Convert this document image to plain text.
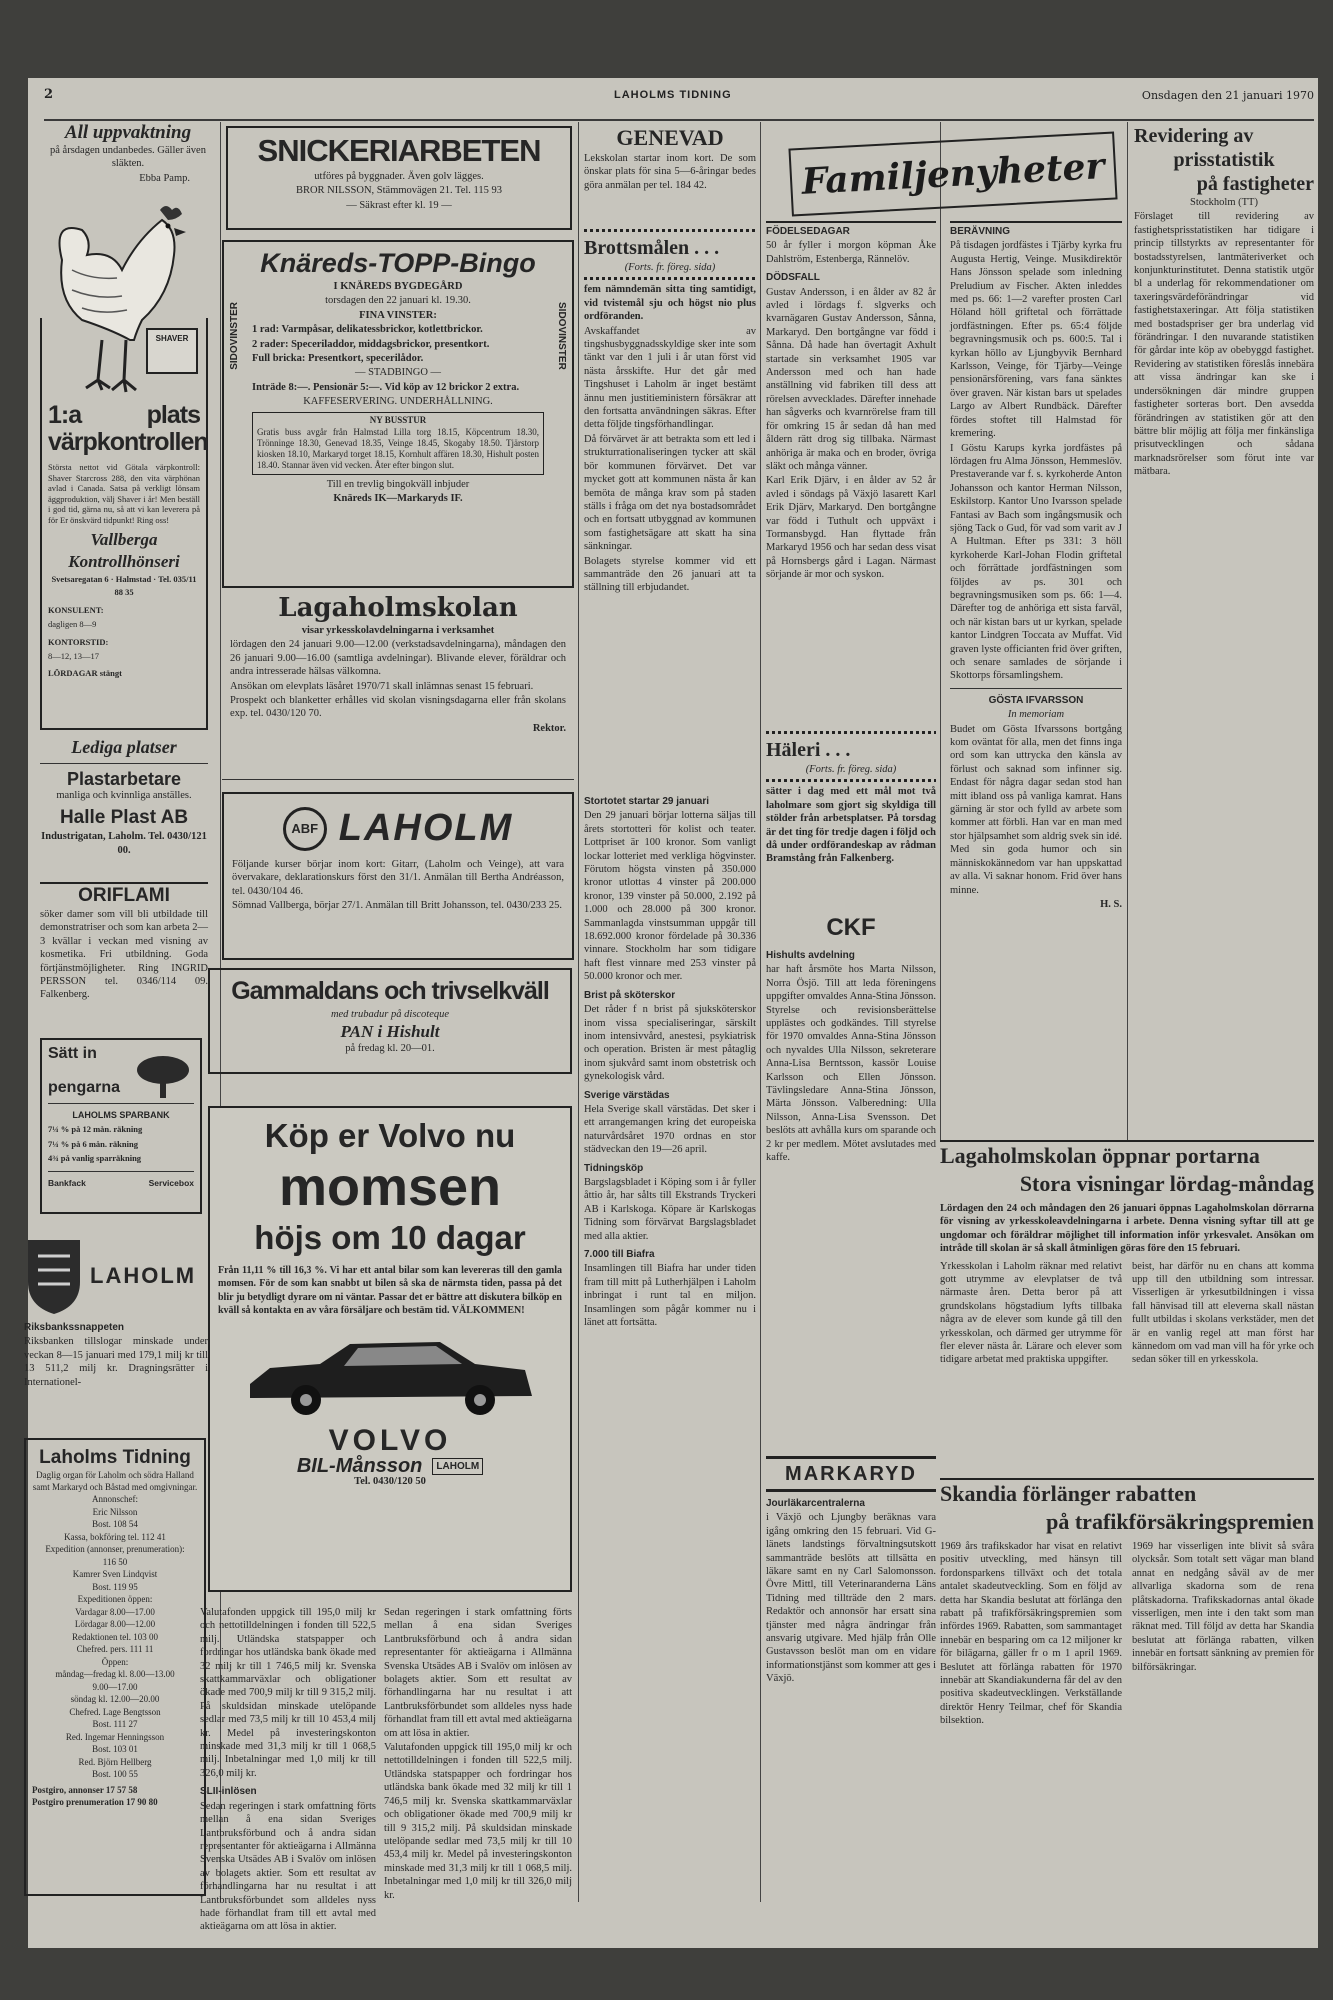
2	LAHOLMS TIDNING	Onsdagen den 21 januari 1970
All uppvaktning

på årsdagen undanbedes. Gäller även släkten.

Ebba Pamp.

SHAVER
1:a plats värpkontrollen

Största nettot vid Götala värpkontroll: Shaver Starcross 288, den vita värphönan avlad i Canada. Satsa på verkligt lönsam äggproduktion, välj Shaver i år! Men beställ i god tid, gärna nu, så att vi kan leverera på för Er önskvärd tidpunkt! Ring oss!

Vallberga Kontrollhönseri

Svetsaregatan 6 · Halmstad · Tel. 035/11 88 35

KONSULENT:

dagligen 8—9

KONTORSTID:

8—12, 13—17

LÖRDAGAR stängt

Lediga platser
Plastarbetare

manliga och kvinnliga anställes.

Halle Plast AB

Industrigatan, Laholm. Tel. 0430/121 00.

ORIFLAMI

söker damer som vill bli utbildade till demonstratriser och som kan arbeta 2—3 kvällar i veckan med visning av kosmetika. Fri utbildning. Goda förtjänstmöjligheter. Ring INGRID PERSSON tel. 0346/114 09. Falkenberg.

Sätt in
pengarna

LAHOLMS SPARBANK

7¼ % på 12 mån. räkning

7¼ % på 6 mån. räkning

4¾ på vanlig sparräkning

Bankfack	Servicebox

LAHOLM
Riksbankssnappeten

Riksbanken tillslogar minskade under veckan 8—15 januari med 179,1 milj kr till 13 511,2 milj kr. Dragningsrätter i Internationel-

Laholms Tidning

Daglig organ för Laholm och södra Halland samt Markaryd och Båstad med omgivningar.

Annonschef:

Eric Nilsson

Bost. 108 54

Kassa, bokföring tel. 112 41

Expedition (annonser, prenumeration):

116 50

Kamrer Sven Lindqvist

Bost. 119 95

Expeditionen öppen:

Vardagar 8.00—17.00

Lördagar 8.00—12.00

Redaktionen tel. 103 00

Chefred. pers. 111 11

Öppen:

måndag—fredag kl. 8.00—13.00

9.00—17.00

söndag kl. 12.00—20.00

Chefred. Lage Bengtsson

Bost. 111 27

Red. Ingemar Henningsson

Bost. 103 01

Red. Björn Hellberg

Bost. 100 55

Postgiro, annonser 17 57 58

Postgiro prenumeration 17 90 80

SNICKERIARBETEN

utföres på byggnader. Även golv lägges.

BROR NILSSON, Stämmovägen 21. Tel. 115 93

— Säkrast efter kl. 19 —

SIDOVINSTER	SIDOVINSTER
Knäreds-TOPP-Bingo

I KNÄREDS BYGDEGÅRD

torsdagen den 22 januari kl. 19.30.

FINA VINSTER:

1 rad: Varmpåsar, delikatessbrickor, kotlettbrickor.

2 rader: Speceriladdor, middagsbrickor, presentkort.

Full bricka: Presentkort, specerilådor.

— STADBINGO —

Inträde 8:—. Pensionär 5:—. Vid köp av 12 brickor 2 extra.

KAFFESERVERING. UNDERHÅLLNING.

NY BUSSTUR

Gratis buss avgår från Halmstad Lilla torg 18.15, Köpcentrum 18.30, Trönninge 18.30, Genevad 18.35, Veinge 18.45, Skogaby 18.50. Tjärstorp kiosken 18.10, Markaryd torget 18.15, Kornhult affären 18.30, Hishult posten 18.40. Stannar även vid vecken. Åter efter bingon slut.

Till en trevlig bingokväll inbjuder

Knäreds IK—Markaryds IF.

Lagaholmskolan

visar yrkesskolavdelningarna i verksamhet

lördagen den 24 januari 9.00—12.00 (verkstadsavdelningarna), måndagen den 26 januari 9.00—16.00 (samtliga avdelningar). Blivande elever, föräldrar och andra intresserade hälsas välkomna.

Ansökan om elevplats läsåret 1970/71 skall inlämnas senast 15 februari.

Prospekt och blanketter erhålles vid skolan visningsdagarna eller från skolans exp. tel. 0430/120 70.

Rektor.

ABF LAHOLM

Följande kurser börjar inom kort: Gitarr, (Laholm och Veinge), att vara övervakare, deklarationskurs först den 31/1. Anmälan till Bertha Andréasson, tel. 0430/104 46.

Sömnad Vallberga, börjar 27/1. Anmälan till Britt Johansson, tel. 0430/233 25.

Gammaldans och trivselkväll

med trubadur på discoteque

PAN i Hishult

på fredag kl. 20—01.

Köp er Volvo nu
momsen
höjs om 10 dagar

Från 11,11 % till 16,3 %. Vi har ett antal bilar som kan levereras till den gamla momsen. För de som kan snabbt ut bilen så ska de närmsta tiden, passa på det blir ju betydligt dyrare om ni väntar. Passar det er bättre att diskutera bilköp en kväll så kontakta en av våra försäljare och bestäm tid. VÄLKOMMEN!

VOLVO
BIL-Månsson	LAHOLM

Tel. 0430/120 50

Valutafonden uppgick till 195,0 milj kr och nettotilldelningen i fonden till 522,5 milj. Utländska statspapper och fordringar hos utländska bank ökade med 32 milj kr till 1 746,5 milj kr. Svenska skattkammarväxlar och obligationer ökade med 700,9 milj kr till 9 315,2 milj. På skuldsidan minskade utelöpande sedlar med 73,5 milj kr till 10 453,4 milj kr. Medel på investeringskonton minskade med 31,3 milj kr till 1 068,5 milj. Inbetalningar med 1,0 milj kr till 326,0 milj kr.

SLII-inlösen

Sedan regeringen i stark omfattning förts mellan å ena sidan Sveriges Lantbruksförbund och å andra sidan representanter för aktieägarna i Allmänna Svenska Utsädes AB i Svalöv om inlösen av bolagets aktier. Som ett resultat av förhandlingarna har nu resultat i att Lantbruksförbundet som alldeles nyss hade förhandlat fram till ett avtal med aktieägarna om att lösa in aktier.

Sedan regeringen i stark omfattning förts mellan å ena sidan Sveriges Lantbruksförbund och å andra sidan representanter för aktieägarna i Allmänna Svenska Utsädes AB i Svalöv om inlösen av bolagets aktier. Som ett resultat av förhandlingarna har nu resultat i att Lantbruksförbundet som alldeles nyss hade förhandlat fram till ett avtal med aktieägarna om att lösa in aktier.

Valutafonden uppgick till 195,0 milj kr och nettotilldelningen i fonden till 522,5 milj. Utländska statspapper och fordringar hos utländska bank ökade med 32 milj kr till 1 746,5 milj kr. Svenska skattkammarväxlar och obligationer ökade med 700,9 milj kr till 9 315,2 milj. På skuldsidan minskade utelöpande sedlar med 73,5 milj kr till 10 453,4 milj kr. Medel på investeringskonton minskade med 31,3 milj kr till 1 068,5 milj. Inbetalningar med 1,0 milj kr till 326,0 milj kr.

GENEVAD

Lekskolan startar inom kort. De som önskar plats för sina 5—6-åringar bedes göra anmälan per tel. 184 42.

Brottsmålen . . .

(Forts. fr. föreg. sida)

fem nämndemän sitta ting samtidigt, vid tvistemål sju och högst nio plus ordföranden.

Avskaffandet av tingshusbyggnadsskyldige sker inte som tänkt var den 1 juli i år utan först vid nästa årsskifte. Hur det går med Tingshuset i Laholm är inget bestämt ännu men justitieministern försäkrar att den fortsatta användningen säkras. Efter detta följde tingsförhandlingar.

Då förvärvet är att betrakta som ett led i strukturrationaliseringen tycker att skäl bör kommunen förvärvet. Det var mycket gott att kommunen nästa år kan bemöta de många krav som på staden ställs i fråga om det nya bostadsområdet och en fortsatt utbyggnad av kommunen som fastighetsägare att skatt ha sina sänkningar.

Bolagets styrelse kommer vid ett sammanträde den 26 januari att ta ställning till erbjudandet.

Stortotet startar 29 januari

Den 29 januari börjar lotterna säljas till årets stortotteri för kolist och teater. Lottpriset är 100 kronor. Som vanligt lockar lotteriet med verkliga högvinster. Förutom högsta vinsten på 350.000 kronor utlottas 4 vinster på 200.000 kronor, 139 vinster på 50.000, 2.192 på 1.000 och 28.000 på 300 kronor. Sammanlagda vinstsumman uppgår till 18.692.000 kronor fördelade på 30.336 vinnare. Stockholm har som tidigare haft flest vinnare med 253 vinster på 50.000 kronor och mer.

Brist på sköterskor

Det råder f n brist på sjuksköterskor inom vissa specialiseringar, särskilt inom intensivvård, anestesi, psykiatrisk och operation. Bristen är mest påtaglig inom sjukvård samt inom obstetrisk och gynekologisk vård.

Sverige värstädas

Hela Sverige skall värstädas. Det sker i ett arrangemangen kring det europeiska naturvårdsåret 1970 ordnas en stor städveckan den 19—26 april.

Tidningsköp

Bargslagsbladet i Köping som i år fyller åttio år, har sålts till Ekstrands Tryckeri AB i Karlskoga. Köpare är Karlskogas Tidning som förvärvat Bargslagsbladet med alla aktier.

7.000 till Biafra

Insamlingen till Biafra har under tiden fram till mitt på Lutherhjälpen i Laholm inbringat i runt tal en miljon. Insamlingen som pågår kommer nu i länet att fortsätta.

Familjenyheter
FÖDELSEDAGAR

50 år fyller i morgon köpman Åke Dahlström, Estenberga, Rännelöv.

DÖDSFALL

Gustav Andersson, i en ålder av 82 år avled i lördags f. slgverks och kvarnägaren Gustav Andersson, Sånna, Markaryd. Den bortgångne var född i Sånna. Då hade han övertagit Axhult startade sin verksamhet 1905 var Andersson med och han hade anställning vid fabriken till dess att rörelsen avvecklades. Därefter innehade han sågverks och kvarnrörelse fram till för omkring 15 år sedan då han med åldern rätt drog sig tillbaka. Närmast anhöriga är maka och en broder, övriga släkt och många vänner.

Karl Erik Djärv, i en ålder av 52 år avled i söndags på Växjö lasarett Karl Erik Djärv, Markaryd. Den bortgångne var född i Tuthult och uppväxt i Tormansbygd. Han flyttade från Markaryd 1956 och har sedan dess visat på Hornsbergs gård i Lagan. Närmast sörjande är mor och syskon.

Häleri . . .

(Forts. fr. föreg. sida)

sätter i dag med ett mål mot två laholmare som gjort sig skyldiga till stölder från arbetsplatser. På torsdag är det ting för tredje dagen i följd och då under ordförandeskap av rådman Bramstång från Falkenberg.

CKF
Hishults avdelning

har haft årsmöte hos Marta Nilsson, Norra Ösjö. Till att leda föreningens uppgifter omvaldes Anna-Stina Jönsson. Styrelse och revisionsberättelse upplästes och godkändes. Till styrelse för 1970 omvaldes Anna-Stina Jönsson och nyvaldes Ulla Nilsson, sekreterare Anna-Lisa Berntsson, kassör Louise Karlsson och Ellen Jönsson. Tävlingsledare Anna-Stina Jönsson, Märta Jönsson. Valberedning: Ulla Nilsson, Anna-Lisa Svensson. Det beslöts att avhålla kurs om sparande och 2 kr per medlem. Mötet avslutades med kaffe.

MARKARYD
Jourläkarcentralerna

i Växjö och Ljungby beräknas vara igång omkring den 15 februari. Vid G-länets landstings förvaltningsutskott sammanträde beslöts att tillsätta en läkare samt en ny Carl Salomonsson. Övre Mittl, till Veterinaranderna Läns Tidning med tillträde den 2 mars. Redaktör och annonsör har ersatt sina tjänster med några ändringar från ansvarig utgivare. Med hjälp från Olle Gustavsson beslöt man om en vidare informationstjänst som kommer att ges i Växjö.

BERÄVNING

På tisdagen jordfästes i Tjärby kyrka fru Augusta Hertig, Veinge. Musikdirektör Hans Jönsson spelade som inledning Preludium av Fischer. Akten inleddes med ps. 66: 1—2 varefter prosten Carl Höland höll griftetal och förrättade jordfästningen. Efter ps. 65:4 följde begravningsmusik och ps. 600:5. Tal i kyrkan höllo av Ljungbyvik Bernhard Karlsson, Veinge, för Tjärby—Veinge pensionärsförening, vars fana sänktes över graven. När kistan bars ut spelades Largo av Albert Rundbäck. Därefter fördes stoftet till Halmstad för kremering.

I Göstu Karups kyrka jordfästes på lördagen fru Alma Jönsson, Hemmeslöv. Prestaverande var f. s. kyrkoherde Anton Johansson och kantor Herman Nilsson, Eskilstorp. Kantor Uno Ivarsson spelade Fantasi av Bach som ingångsmusik och sjöng Tack o Gud, för vad som varit av J A Hultman. Efter ps 331: 3 höll kyrkoherde Karl-Johan Flodin griftetal och förrättade jordfästningen som följdes av ps. 301 och begravningsmusiken som ps. 66: 1—4. Därefter tog de anhöriga ett sista farväl, och när kistan bars ut ur kyrkan, spelade kantor Lindgren Toccata av Muffat. Vid graven lyste officianten frid över griften, och senare samlades de sörjande i Skottorps församlingshem.

GÖSTA IFVARSSON

In memoriam

Budet om Gösta Ifvarssons bortgång kom oväntat för alla, men det finns inga ord som kan uttrycka den känsla av förlust och saknad som infinner sig. Endast för några dagar sedan stod han mitt ibland oss på vanliga kamrat. Hans gärning är stor och fylld av arbete som kommer att förbli. Han var en man med stor hjälpsamhet som aldrig svek sin idé. Med sin goda humor och sin människokännedom var han uppskattad av alla. Vi saknar honom. Frid över hans minne.

H. S.

Revidering av
prisstatistik
på fastigheter

Stockholm (TT)

Förslaget till revidering av fastighetsprisstatistiken har tidigare i princip tillstyrkts av representanter för bostadsstyrelsen, lantmäteriverket och konjunkturinstitutet. Denna statistik utgör bl a underlag för rekommendationer om taxeringsvärdeförändringar vid fastighetstaxeringar. Att följa statistiken med bostadspriser ger bra underlag vid förändringar. I den nuvarande statistiken för gårdar inte köp av obebyggd fastighet. Revidering av statistiken föreslås innebära att vissa ändringar kan ske i undersökningen där mindre gruppen fastigheter sorteras bort. Den avsedda förändringen av statistiken gör att den bättre blir möjlig att följa mer finkänsliga prisutvecklingen och sådana marknadsrörelser som förut inte var mätbara.

Lagaholmskolan öppnar portarna
Stora visningar lördag-måndag

Lördagen den 24 och måndagen den 26 januari öppnas Lagaholmskolan dörrarna för visning av yrkesskoleavdelningarna i arbete. Denna visning syftar till att ge ungdomar och föräldrar möjlighet till information inför yrkesvalet. Ansökan om intråde till skolan är så skall åtminligen göras före den 15 februari.

Yrkesskolan i Laholm räknar med relativt gott utrymme av elevplatser de två närmaste åren. Detta beror på att grundskolans högstadium lyfts tillbaka några av de elever som kunde gå till den yrkesskolan, och därmed ger utrymme för fler elever nästa år. Lärare och elever som tidigare arbetat med praktiska uppgifter.

beist, har därför nu en chans att komma upp till den utbildning som intressar. Visserligen är yrkesutbildningen i vissa fall hänvisad till att eleverna skall nästan fullt utbildas i skolans verkstäder, men det är en vanlig regel att man först har kännedom om vad man vill ha för yrke och sedan söker till en yrkesskola.

Skandia förlänger rabatten
på trafikförsäkringspremien

1969 års trafikskador har visat en relativt positiv utveckling, med hänsyn till fordonsparkens tillväxt och det totala antalet skadeutveckling. Som en följd av detta har Skandia beslutat att förlänga den rabatt på trafikförsäkringspremien som infördes 1969. Rabatten, som sammantaget innebär en besparing om ca 12 miljoner kr för bilägarna, gäller fr o m 1 april 1969. Beslutet att förlänga rabatten för 1970 innebär att Skandiakunderna får del av den positiva skadeutvecklingen. Verkställande direktör Henry Teilmar, chef för Skandia bilsektion.

1969 har visserligen inte blivit så svåra olycksår. Som totalt sett vägar man bland annat en nedgång såväl av de mer allvarliga skadorna som de rena plåtskadorna. Trafikskadornas antal ökade visserligen, men inte i den takt som man räknat med. Till följd av detta har Skandia beslutat att förlänga rabatten, vilken innebär en fortsatt sänkning av premien för bilförsäkringar.
